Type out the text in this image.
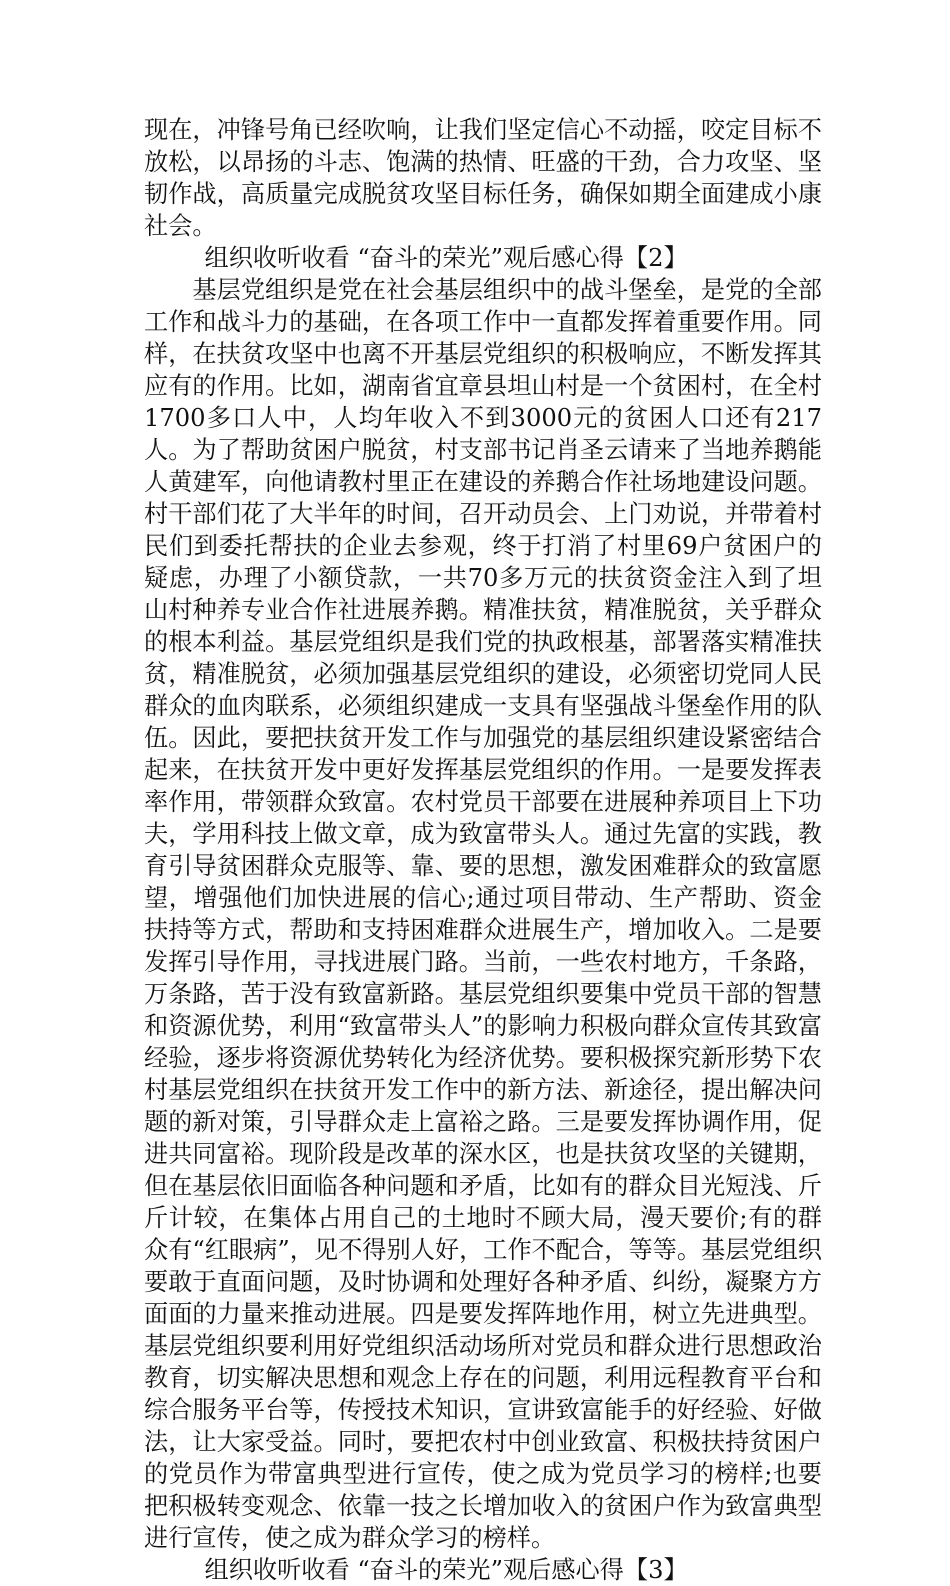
现在，冲锋号角已经吹响，让我们坚定信心不动摇，咬定目标不放松，以昂扬的斗志、饱满的热情、旺盛的干劲，合力攻坚、坚韧作战，高质量完成脱贫攻坚目标任务，确保如期全面建成小康社会。

组织收听收看 “奋斗的荣光”观后感心得【2】

基层党组织是党在社会基层组织中的战斗堡垒，是党的全部工作和战斗力的基础，在各项工作中一直都发挥着重要作用。同样，在扶贫攻坚中也离不开基层党组织的积极响应，不断发挥其应有的作用。比如，湖南省宜章县坦山村是一个贫困村，在全村1700多口人中，人均年收入不到3000元的贫困人口还有217人。为了帮助贫困户脱贫，村支部书记肖圣云请来了当地养鹅能人黄建军，向他请教村里正在建设的养鹅合作社场地建设问题。村干部们花了大半年的时间，召开动员会、上门劝说，并带着村民们到委托帮扶的企业去参观，终于打消了村里69户贫困户的疑虑，办理了小额贷款，一共70多万元的扶贫资金注入到了坦山村种养专业合作社进展养鹅。精准扶贫，精准脱贫，关乎群众的根本利益。基层党组织是我们党的执政根基，部署落实精准扶贫，精准脱贫，必须加强基层党组织的建设，必须密切党同人民群众的血肉联系，必须组织建成一支具有坚强战斗堡垒作用的队伍。因此，要把扶贫开发工作与加强党的基层组织建设紧密结合起来，在扶贫开发中更好发挥基层党组织的作用。一是要发挥表率作用，带领群众致富。农村党员干部要在进展种养项目上下功夫，学用科技上做文章，成为致富带头人。通过先富的实践，教育引导贫困群众克服等、靠、要的思想，激发困难群众的致富愿望，增强他们加快进展的信心;通过项目带动、生产帮助、资金扶持等方式，帮助和支持困难群众进展生产，增加收入。二是要发挥引导作用，寻找进展门路。当前，一些农村地方，千条路，万条路，苦于没有致富新路。基层党组织要集中党员干部的智慧和资源优势，利用“致富带头人”的影响力积极向群众宣传其致富经验，逐步将资源优势转化为经济优势。要积极探究新形势下农村基层党组织在扶贫开发工作中的新方法、新途径，提出解决问题的新对策，引导群众走上富裕之路。三是要发挥协调作用，促进共同富裕。现阶段是改革的深水区，也是扶贫攻坚的关键期，但在基层依旧面临各种问题和矛盾，比如有的群众目光短浅、斤斤计较，在集体占用自己的土地时不顾大局，漫天要价;有的群众有“红眼病”，见不得别人好，工作不配合，等等。基层党组织要敢于直面问题，及时协调和处理好各种矛盾、纠纷，凝聚方方面面的力量来推动进展。四是要发挥阵地作用，树立先进典型。基层党组织要利用好党组织活动场所对党员和群众进行思想政治教育，切实解决思想和观念上存在的问题，利用远程教育平台和综合服务平台等，传授技术知识，宣讲致富能手的好经验、好做法，让大家受益。同时，要把农村中创业致富、积极扶持贫困户的党员作为带富典型进行宣传，使之成为党员学习的榜样;也要把积极转变观念、依靠一技之长增加收入的贫困户作为致富典型进行宣传，使之成为群众学习的榜样。

组织收听收看 “奋斗的荣光”观后感心得【3】
